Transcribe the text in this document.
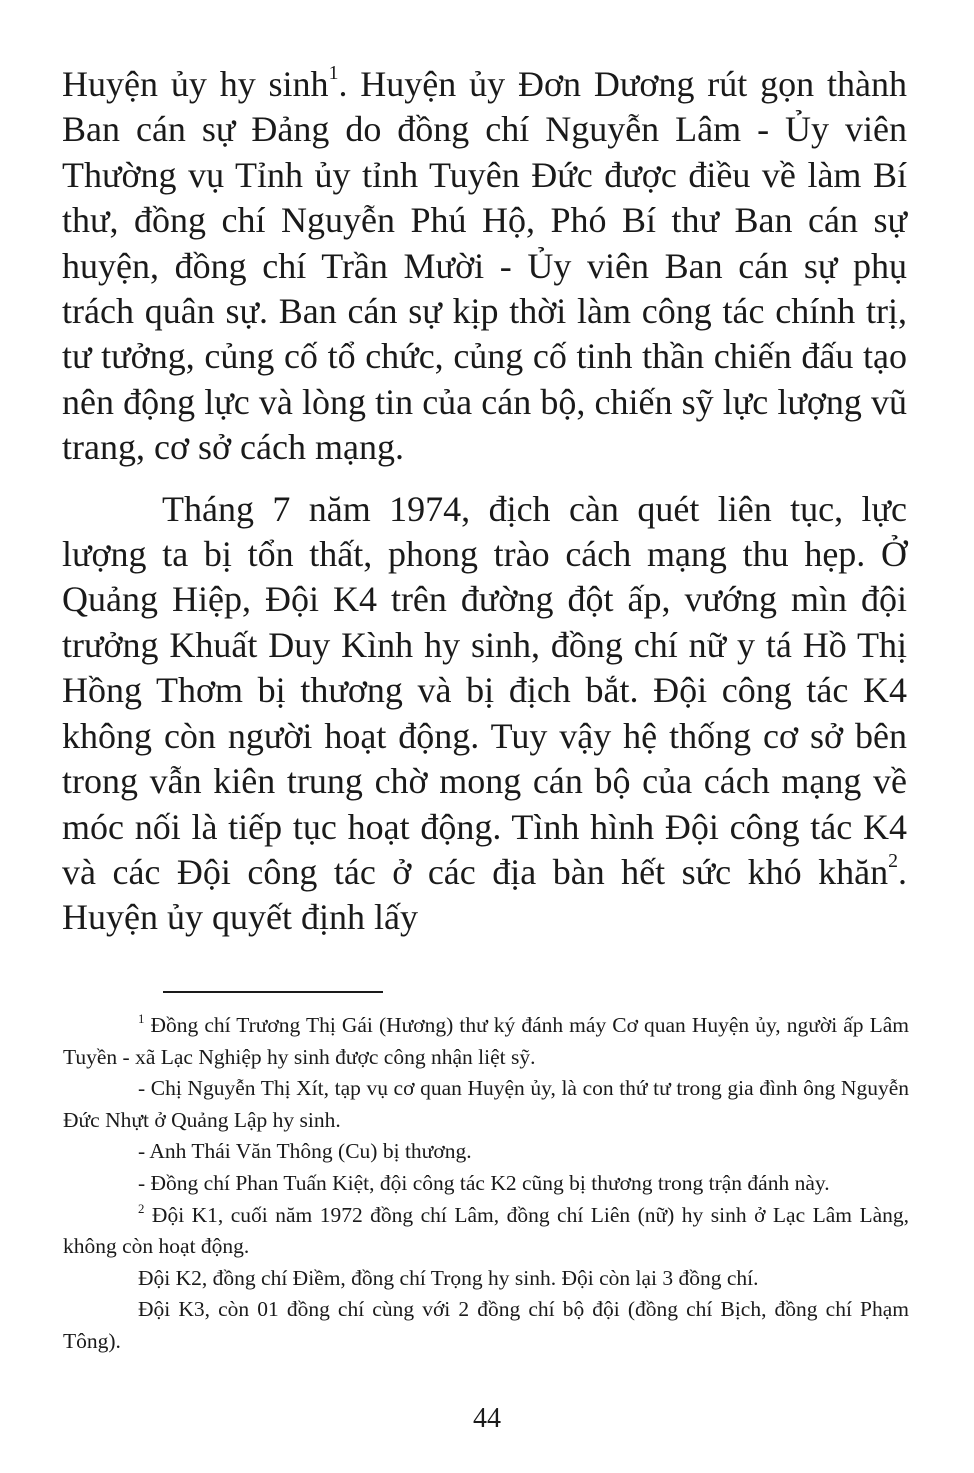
Huyện ủy hy $\sinh^1$. Huyện ủy Đơn Dương rút gọn thành Ban cán sự Đảng do đồng chí Nguyễn Lâm - Ủy viên Thường vụ Tỉnh ủy tỉnh Tuyên Đức được điều về làm Bí thư, đồng chí Nguyễn Phú Hộ, Phó Bí thư Ban cán sự huyện, đồng chí Trần Mười - Ủy viên Ban cán sự phụ trách quân sự. Ban cán sự kịp thời làm công tác chính trị, tư tưởng, củng cố tổ chức, củng cố tinh thần chiến đấu tạo nên động lực và lòng tin của cán bộ, chiến sỹ lực lượng vũ trang, cơ sở cách mạng.

Tháng 7 năm 1974, địch càn quét liên tục, lực lượng ta bị tổn thất, phong trào cách mạng thu hẹp. Ở Quảng Hiệp, Đội K4 trên đường đột ấp, vướng mìn đội trưởng Khuất Duy Kình hy sinh, đồng chí nữ y tá Hồ Thị Hồng Thơm bị thương và bị địch bắt. Đội công tác K4 không còn người hoạt động. Tuy vậy hệ thống cơ sở bên trong vẫn kiên trung chờ mong cán bộ của cách mạng về móc nối là tiếp tục hoạt động. Tình hình Đội công tác K4 và các Đội công tác ở các địa bàn hết sức khó khăn$^2$. Huyện ủy quyết định lấy

$^1$ Đồng chí Trương Thị Gái (Hương) thư ký đánh máy Cơ quan Huyện ủy, người ấp Lâm Tuyền - xã Lạc Nghiệp hy sinh được công nhận liệt sỹ.

- Chị Nguyễn Thị Xít, tạp vụ cơ quan Huyện ủy, là con thứ tư trong gia đình ông Nguyễn Đức Nhựt ở Quảng Lập hy sinh.

- Anh Thái Văn Thông (Cu) bị thương.

- Đồng chí Phan Tuấn Kiệt, đội công tác K2 cũng bị thương trong trận đánh này.

$^2$ Đội K1, cuối năm 1972 đồng chí Lâm, đồng chí Liên (nữ) hy sinh ở Lạc Lâm Làng, không còn hoạt động.

Đội K2, đồng chí Điềm, đồng chí Trọng hy sinh. Đội còn lại 3 đồng chí.

Đội K3, còn 01 đồng chí cùng với 2 đồng chí bộ đội (đồng chí Bịch, đồng chí Phạm Tông).

44
